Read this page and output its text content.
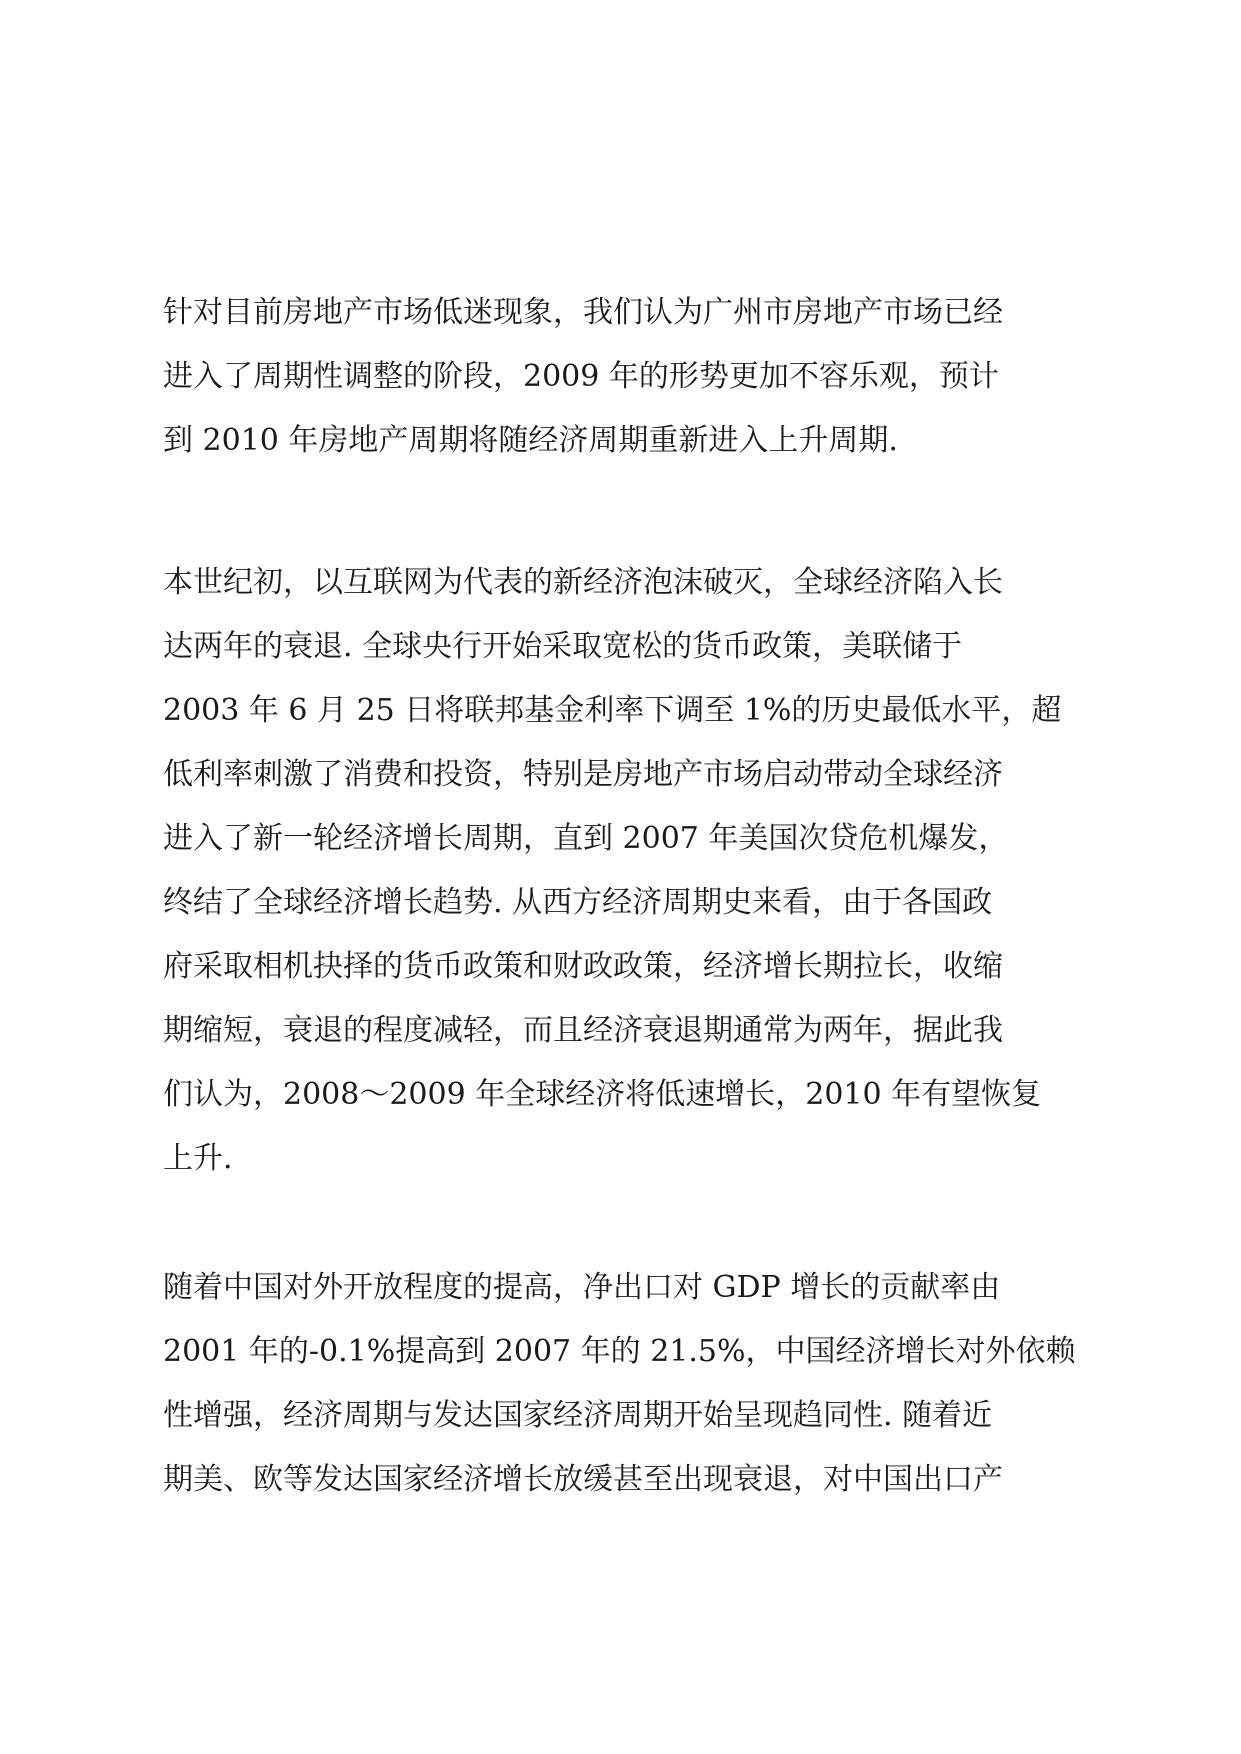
针对目前房地产市场低迷现象，我们认为广州市房地产市场已经
进入了周期性调整的阶段，2009 年的形势更加不容乐观，预计
到 2010 年房地产周期将随经济周期重新进入上升周期.
本世纪初，以互联网为代表的新经济泡沫破灭，全球经济陷入长
达两年的衰退. 全球央行开始采取宽松的货币政策，美联储于
2003 年 6 月 25 日将联邦基金利率下调至 1%的历史最低水平，超
低利率刺激了消费和投资，特别是房地产市场启动带动全球经济
进入了新一轮经济增长周期，直到 2007 年美国次贷危机爆发，
终结了全球经济增长趋势. 从西方经济周期史来看，由于各国政
府采取相机抉择的货币政策和财政政策，经济增长期拉长，收缩
期缩短，衰退的程度减轻，而且经济衰退期通常为两年，据此我
们认为，2008～2009 年全球经济将低速增长，2010 年有望恢复
上升.
随着中国对外开放程度的提高，净出口对 GDP 增长的贡献率由
2001 年的-0.1%提高到 2007 年的 21.5%，中国经济增长对外依赖
性增强，经济周期与发达国家经济周期开始呈现趋同性. 随着近
期美、欧等发达国家经济增长放缓甚至出现衰退，对中国出口产
